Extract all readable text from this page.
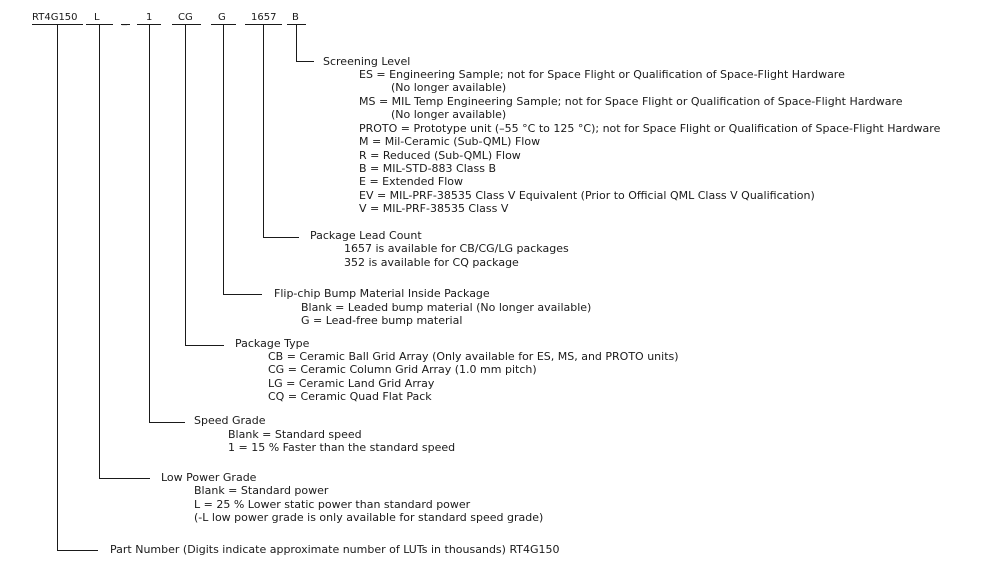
RT4G150 L _ 1	CG	G	1657 B
Screening Level
ES = Engineering Sample; not for Space Flight or Qualification of Space-Flight Hardware
(No longer available)
MS = MIL Temp Engineering Sample; not for Space Flight or Qualification of Space-Flight Hardware
(No longer available)
PROTO = Prototype unit (–55 °C to 125 °C); not for Space Flight or Qualification of Space-Flight Hardware
M = Mil-Ceramic (Sub-QML) Flow
R = Reduced (Sub-QML) Flow
B = MIL-STD-883 Class B
E = Extended Flow
EV = MIL-PRF-38535 Class V Equivalent (Prior to Official QML Class V Qualification)
V = MIL-PRF-38535 Class V
Package Lead Count
1657 is available for CB/CG/LG packages
352 is available for CQ package
Flip-chip Bump Material Inside Package
Blank = Leaded bump material (No longer available)
G = Lead-free bump material
Package Type
CB = Ceramic Ball Grid Array (Only available for ES, MS, and PROTO units)
CG = Ceramic Column Grid Array (1.0 mm pitch)
LG = Ceramic Land Grid Array
CQ = Ceramic Quad Flat Pack
Speed Grade
Blank = Standard speed
1 = 15 % Faster than the standard speed
Low Power Grade
Blank = Standard power
L = 25 % Lower static power than standard power
(-L low power grade is only available for standard speed grade)
Part Number (Digits indicate approximate number of LUTs in thousands) RT4G150
